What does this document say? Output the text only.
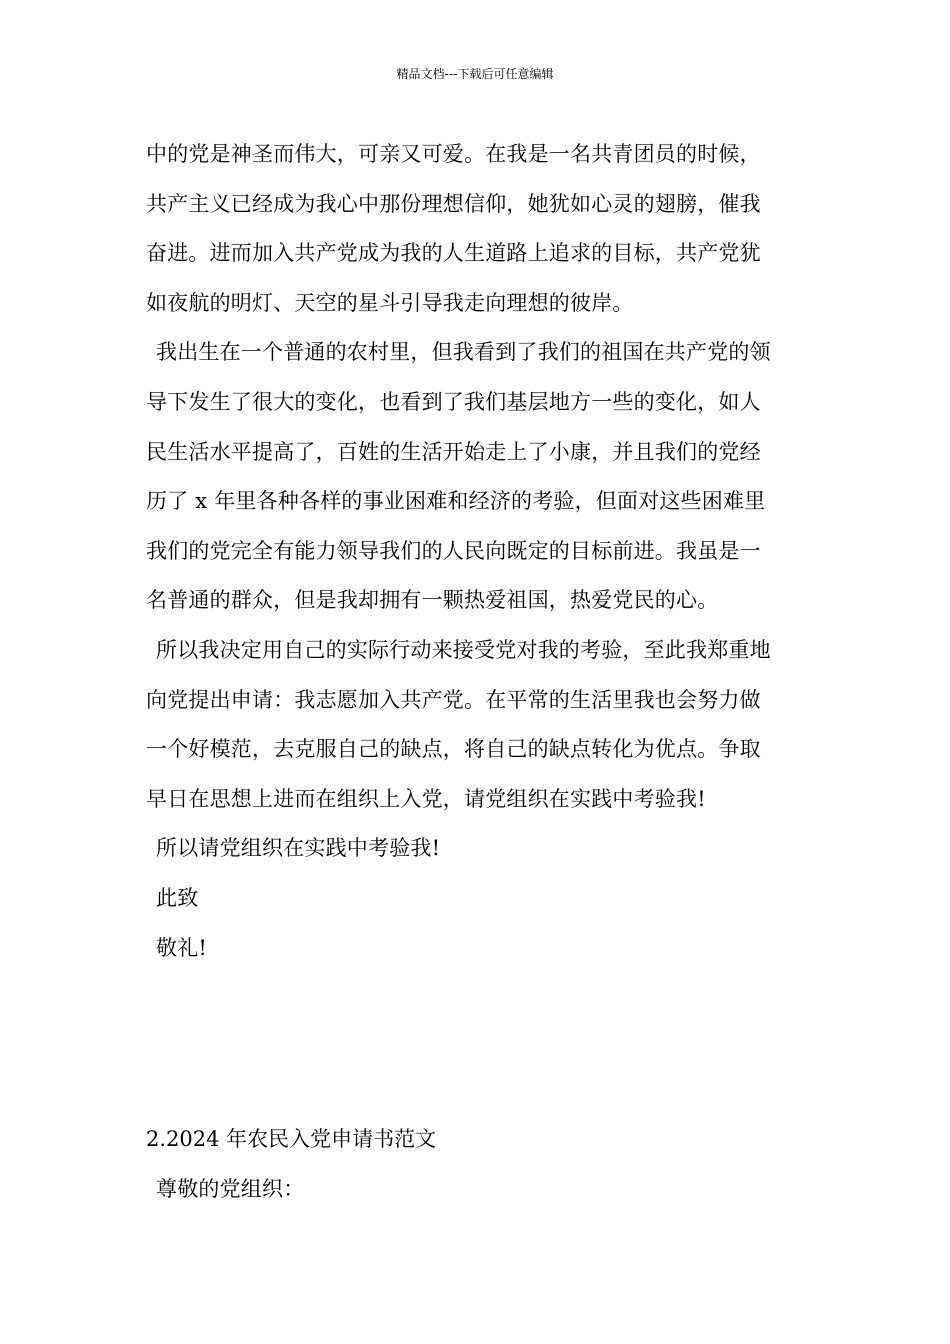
精品文档---下载后可任意编辑

中的党是神圣而伟大，可亲又可爱。在我是一名共青团员的时候，
共产主义已经成为我心中那份理想信仰，她犹如心灵的翅膀，催我
奋进。进而加入共产党成为我的人生道路上追求的目标，共产党犹
如夜航的明灯、天空的星斗引导我走向理想的彼岸。

我出生在一个普通的农村里，但我看到了我们的祖国在共产党的领
导下发生了很大的变化，也看到了我们基层地方一些的变化，如人
民生活水平提高了，百姓的生活开始走上了小康，并且我们的党经
历了 x 年里各种各样的事业困难和经济的考验，但面对这些困难里
我们的党完全有能力领导我们的人民向既定的目标前进。我虽是一
名普通的群众，但是我却拥有一颗热爱祖国，热爱党民的心。

所以我决定用自己的实际行动来接受党对我的考验，至此我郑重地
向党提出申请：我志愿加入共产党。在平常的生活里我也会努力做
一个好模范，去克服自己的缺点，将自己的缺点转化为优点。争取
早日在思想上进而在组织上入党，请党组织在实践中考验我!

所以请党组织在实践中考验我!

此致
敬礼!

2.2024 年农民入党申请书范文

尊敬的党组织：
